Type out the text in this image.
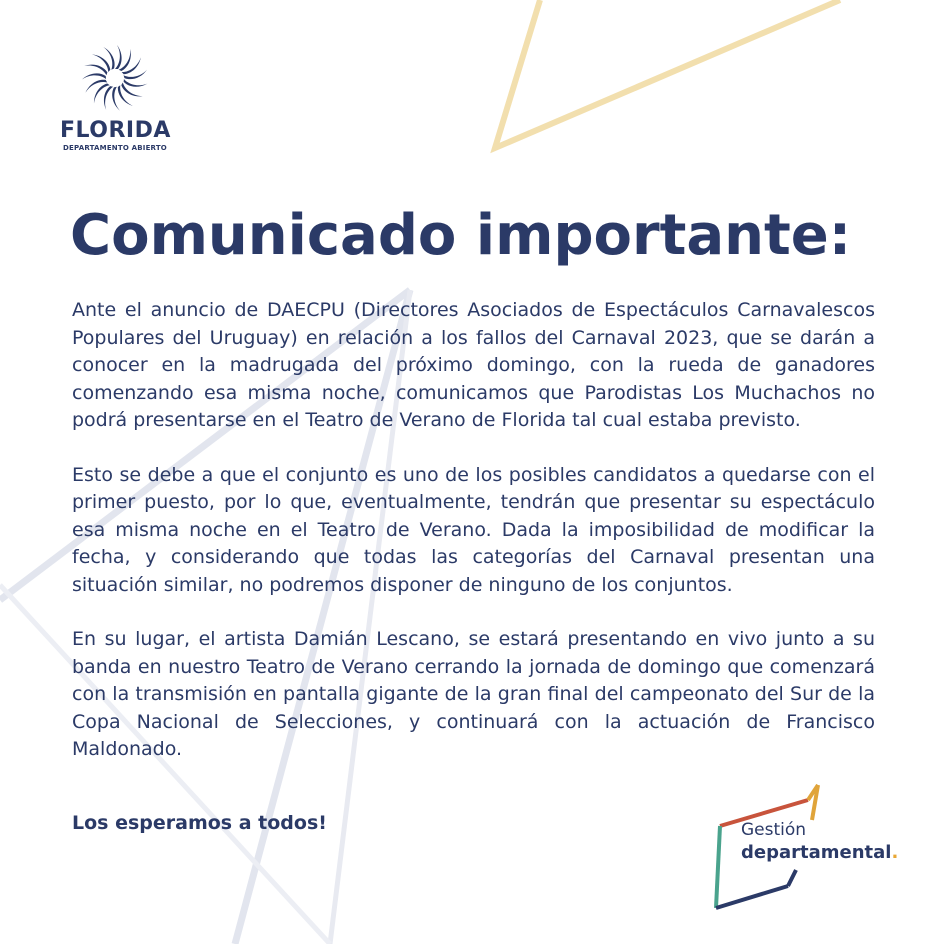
FLORIDA
DEPARTAMENTO ABIERTO
Comunicado importante:

Ante el anuncio de DAECPU (Directores Asociados de Espectáculos Carnavalescos Populares del Uruguay) en relación a los fallos del Carnaval 2023, que se darán a conocer en la madrugada del próximo domingo, con la rueda de ganadores comenzando esa misma noche, comunicamos que Parodistas Los Muchachos no podrá presentarse en el Teatro de Verano de Florida tal cual estaba previsto.

Esto se debe a que el conjunto es uno de los posibles candidatos a quedarse con el primer puesto, por lo que, eventualmente, tendrán que presentar su espectáculo esa misma noche en el Teatro de Verano. Dada la imposibilidad de modificar la fecha, y considerando que todas las categorías del Carnaval presentan una situación similar, no podremos disponer de ninguno de los conjuntos.

En su lugar, el artista Damián Lescano, se estará presentando en vivo junto a su banda en nuestro Teatro de Verano cerrando la jornada de domingo que comenzará con la transmisión en pantalla gigante de la gran final del campeonato del Sur de la Copa Nacional de Selecciones, y continuará con la actuación de Francisco Maldonado.

Los esperamos a todos!	Gestión
departamental.
